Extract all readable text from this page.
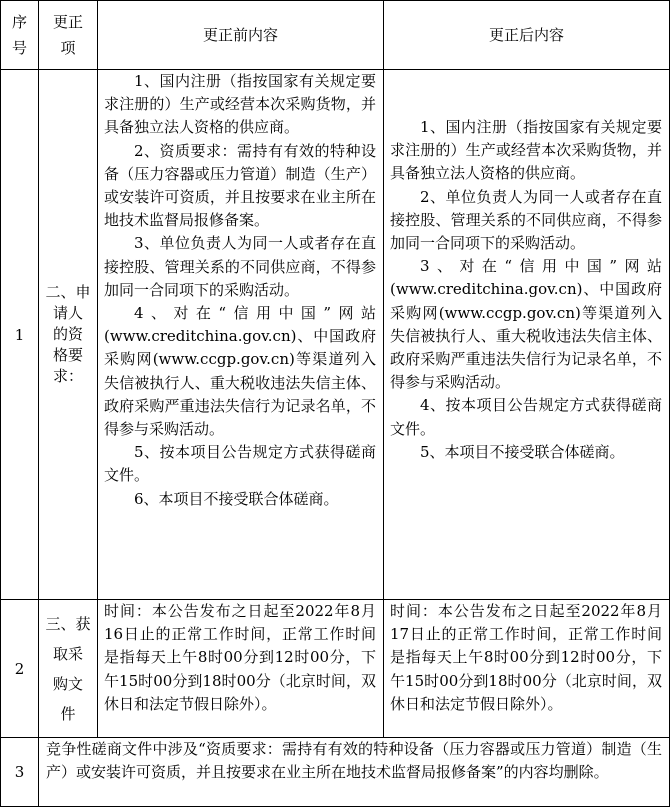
序
号
更正
项
更正前内容	更正后内容
1
二、申
请人
的资
格要
求：

1、国内注册（指按国家有关规定要求注册的）生产或经营本次采购货物，并具备独立法人资格的供应商。

2、资质要求：需持有有效的特种设备（压力容器或压力管道）制造（生产）或安装许可资质，并且按要求在业主所在地技术监督局报修备案。

3、单位负责人为同一人或者存在直接控股、管理关系的不同供应商，不得参加同一合同项下的采购活动。

4、对在“信用中国”网站(www.creditchina.gov.cn)、中国政府采购网(www.ccgp.gov.cn)等渠道列入失信被执行人、重大税收违法失信主体、政府采购严重违法失信行为记录名单，不得参与采购活动。

5、按本项目公告规定方式获得磋商文件。

6、本项目不接受联合体磋商。

1、国内注册（指按国家有关规定要求注册的）生产或经营本次采购货物，并具备独立法人资格的供应商。

2、单位负责人为同一人或者存在直接控股、管理关系的不同供应商，不得参加同一合同项下的采购活动。

3、对在“信用中国”网站(www.creditchina.gov.cn)、中国政府采购网(www.ccgp.gov.cn)等渠道列入失信被执行人、重大税收违法失信主体、政府采购严重违法失信行为记录名单，不得参与采购活动。

4、按本项目公告规定方式获得磋商文件。

5、本项目不接受联合体磋商。

2
三、获
取采
购文
件

时间：本公告发布之日起至2022年8月16日止的正常工作时间，正常工作时间是指每天上午8时00分到12时00分，下午15时00分到18时00分（北京时间，双休日和法定节假日除外）。

时间：本公告发布之日起至2022年8月17日止的正常工作时间，正常工作时间是指每天上午8时00分到12时00分，下午15时00分到18时00分（北京时间，双休日和法定节假日除外）。

3

竞争性磋商文件中涉及“资质要求：需持有有效的特种设备（压力容器或压力管道）制造（生产）或安装许可资质，并且按要求在业主所在地技术监督局报修备案”的内容均删除。
